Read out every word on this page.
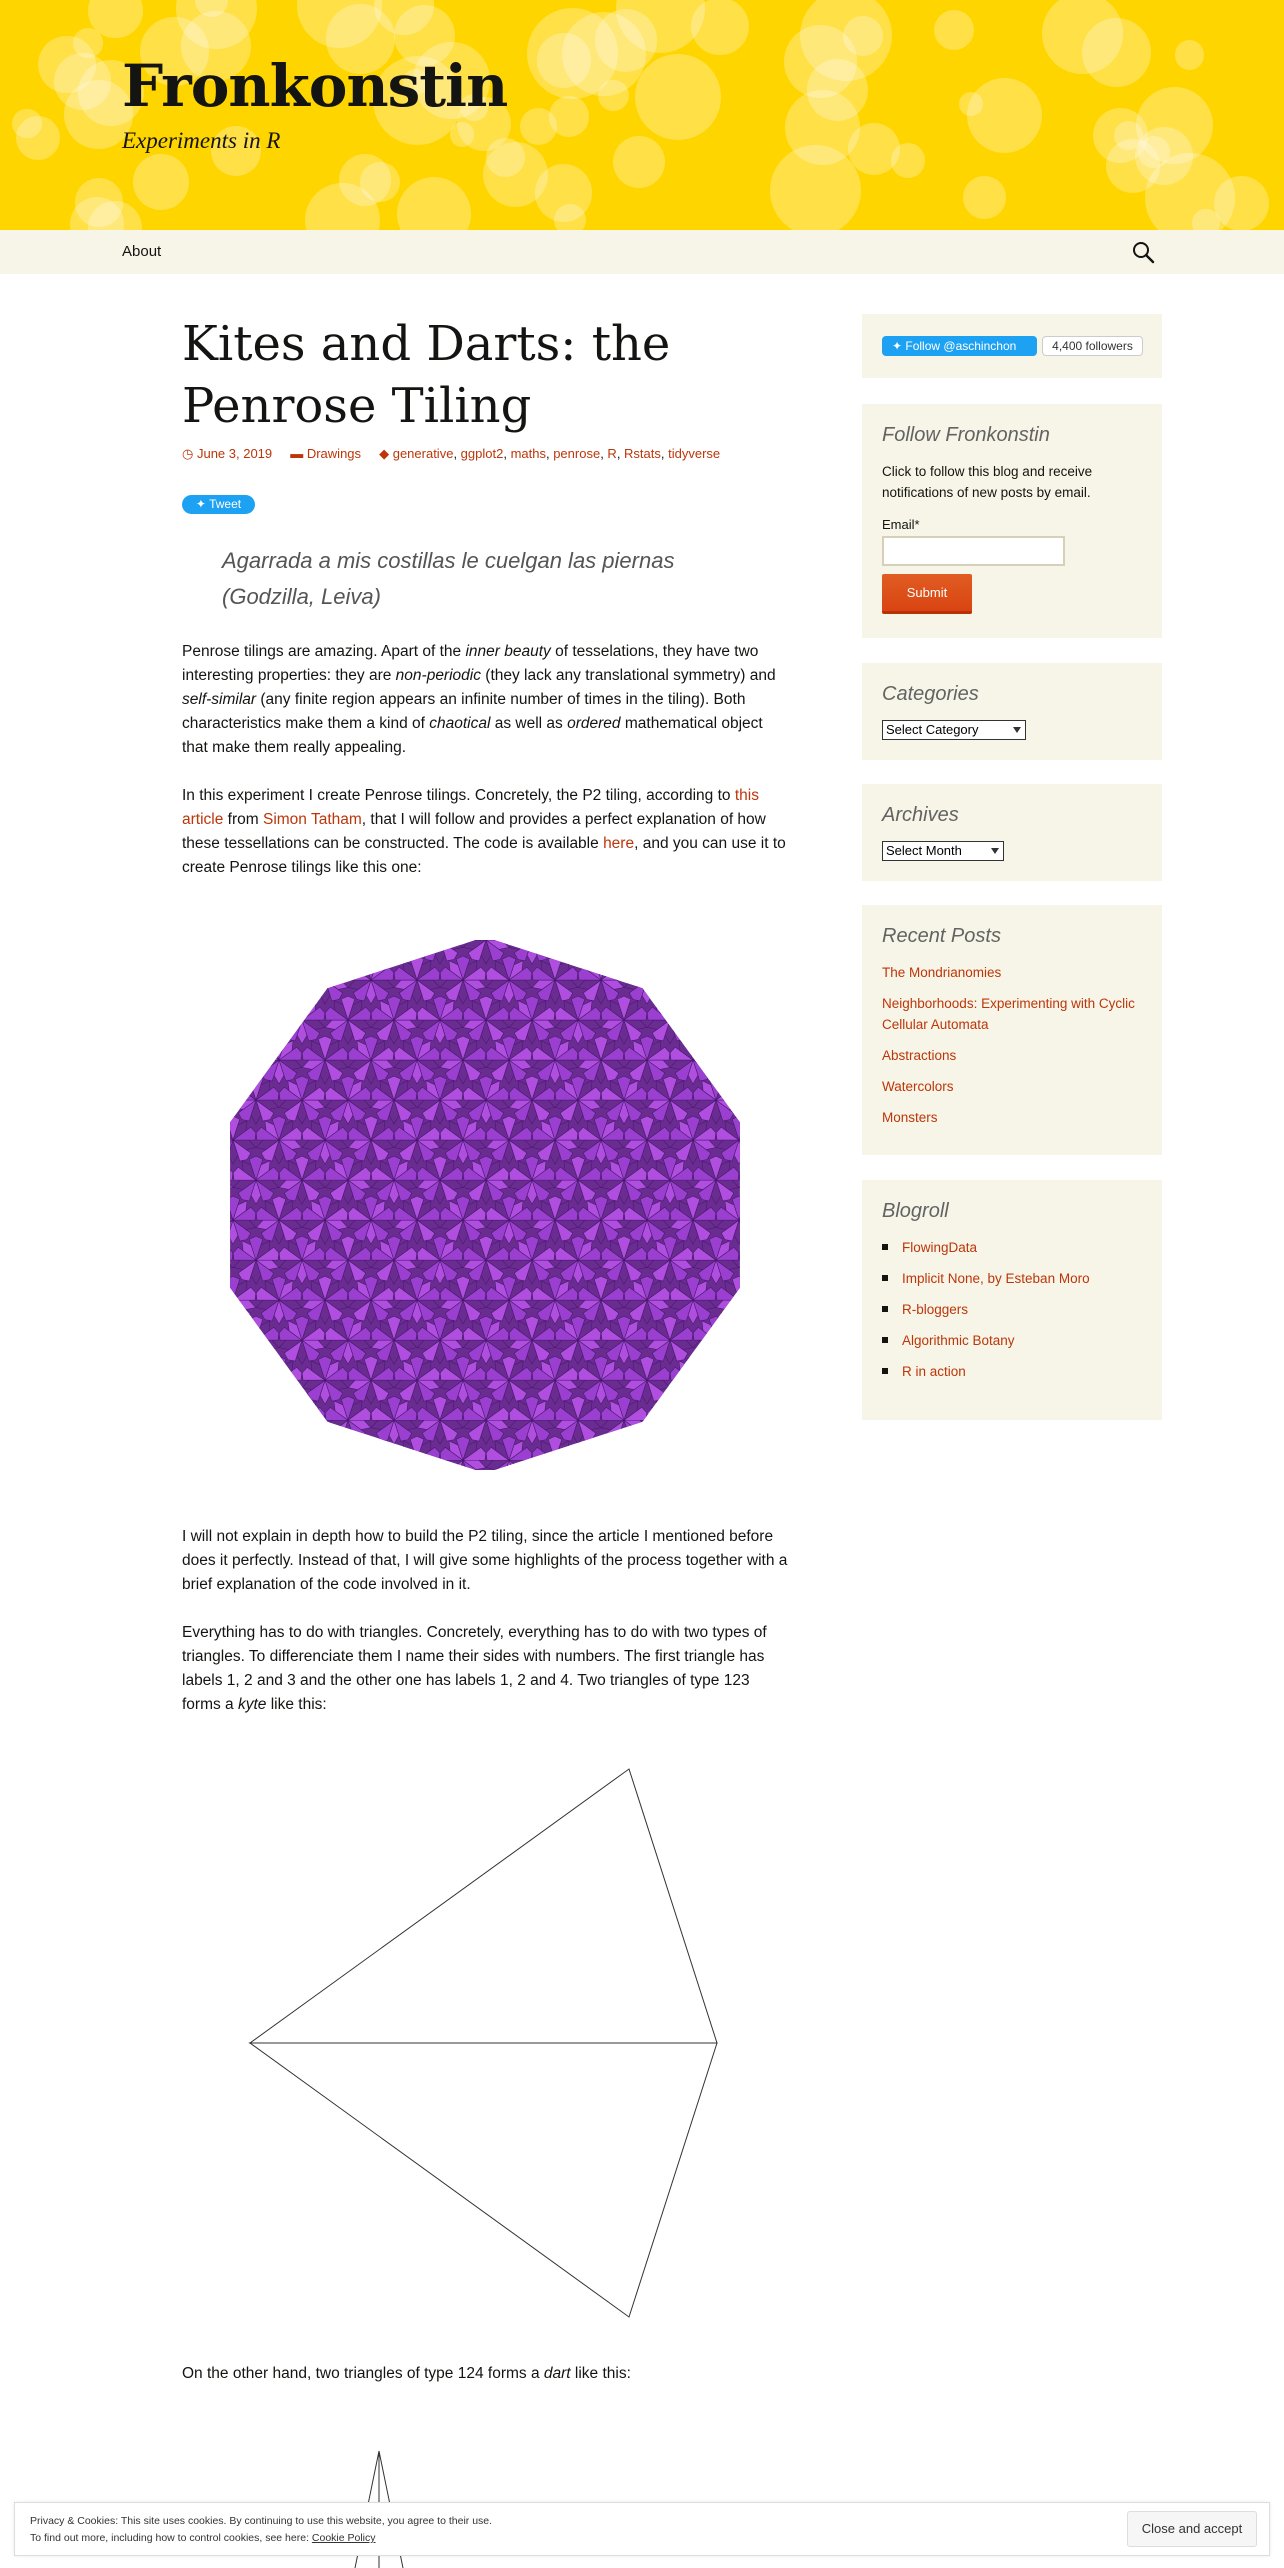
Fronkonstin
Experiments in R
About
Kites and Darts: the Penrose Tiling
◷ June 3, 2019 ▬ Drawings ◆ generative, ggplot2, maths, penrose, R, Rstats, tidyverse
✦ Tweet
Agarrada a mis costillas le cuelgan las piernas
(Godzilla, Leiva)

Penrose tilings are amazing. Apart of the inner beauty of tesselations, they have two interesting properties: they are non-periodic (they lack any translational symmetry) and self-similar (any finite region appears an infinite number of times in the tiling). Both characteristics make them a kind of chaotical as well as ordered mathematical object that make them really appealing.

In this experiment I create Penrose tilings. Concretely, the P2 tiling, according to this article from Simon Tatham, that I will follow and provides a perfect explanation of how these tessellations can be constructed. The code is available here, and you can use it to create Penrose tilings like this one:

I will not explain in depth how to build the P2 tiling, since the article I mentioned before does it perfectly. Instead of that, I will give some highlights of the process together with a brief explanation of the code involved in it.

Everything has to do with triangles. Concretely, everything has to do with two types of triangles. To differenciate them I name their sides with numbers. The first triangle has labels 1, 2 and 3 and the other one has labels 1, 2 and 4. Two triangles of type 123 forms a kyte like this:

On the other hand, two triangles of type 124 forms a dart like this:

✦ Follow @aschinchon	4,400 followers
Follow Fronkonstin
Click to follow this blog and receive notifications of new posts by email.
Email*
Submit
Categories
Select Category
Archives
Select Month
Recent Posts
The Mondrianomies
Neighborhoods: Experimenting with Cyclic Cellular Automata
Abstractions
Watercolors
Monsters
Blogroll
FlowingData
Implicit None, by Esteban Moro
R-bloggers
Algorithmic Botany
R in action
Privacy & Cookies: This site uses cookies. By continuing to use this website, you agree to their use.
To find out more, including how to control cookies, see here: Cookie Policy
Close and accept
